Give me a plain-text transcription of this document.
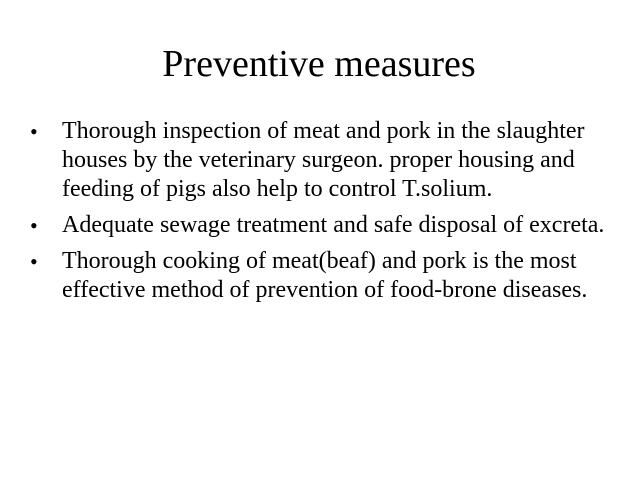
Preventive measures
• Thorough inspection of meat and pork in the slaughter houses by the veterinary surgeon. proper housing and feeding of pigs also help to control T.solium.
• Adequate sewage treatment and safe disposal of excreta.
• Thorough cooking of meat(beaf) and pork is the most effective method of prevention of food-brone diseases.
